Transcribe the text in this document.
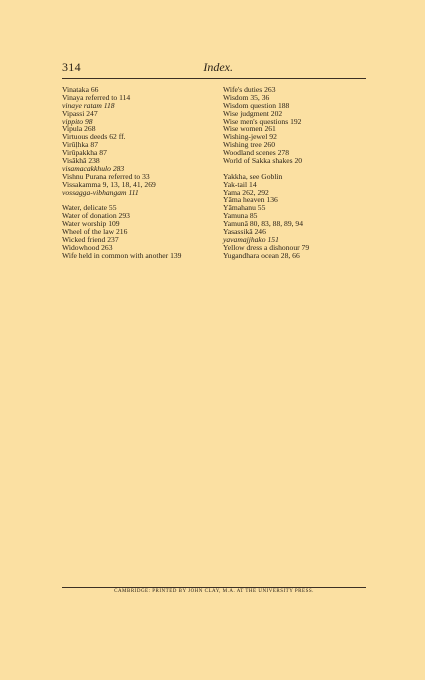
314	Index.
Vinataka 66
Vinaya referred to 114
vinaye ratam 118
Vipassi 247
vippito 98
Vipula 268
Virtuous deeds 62 ff.
Virūḷhka 87
Virūpakkha 87
Visākhā 238
visamacakkhulo 283
Vishnu Purana referred to 33
Vissakamma 9, 13, 18, 41, 269
vossagga-vibhangam 111
Water, delicate 55
Water of donation 293
Water worship 109
Wheel of the law 216
Wicked friend 237
Widowhood 263
Wife held in common with another 139
Wife's duties 263
Wisdom 35, 36
Wisdom question 188
Wise judgment 202
Wise men's questions 192
Wise women 261
Wishing-jewel 92
Wishing tree 260
Woodland scenes 278
World of Sakka shakes 20
Yakkha, see Goblin
Yak-tail 14
Yama 262, 292
Yāma heaven 136
Yāmahanu 55
Yamuna 85
Yamunā 80, 83, 88, 89, 94
Yasassikā 246
yavamajjhako 151
Yellow dress a dishonour 79
Yugandhara ocean 28, 66
CAMBRIDGE: PRINTED BY JOHN CLAY, M.A. AT THE UNIVERSITY PRESS.
